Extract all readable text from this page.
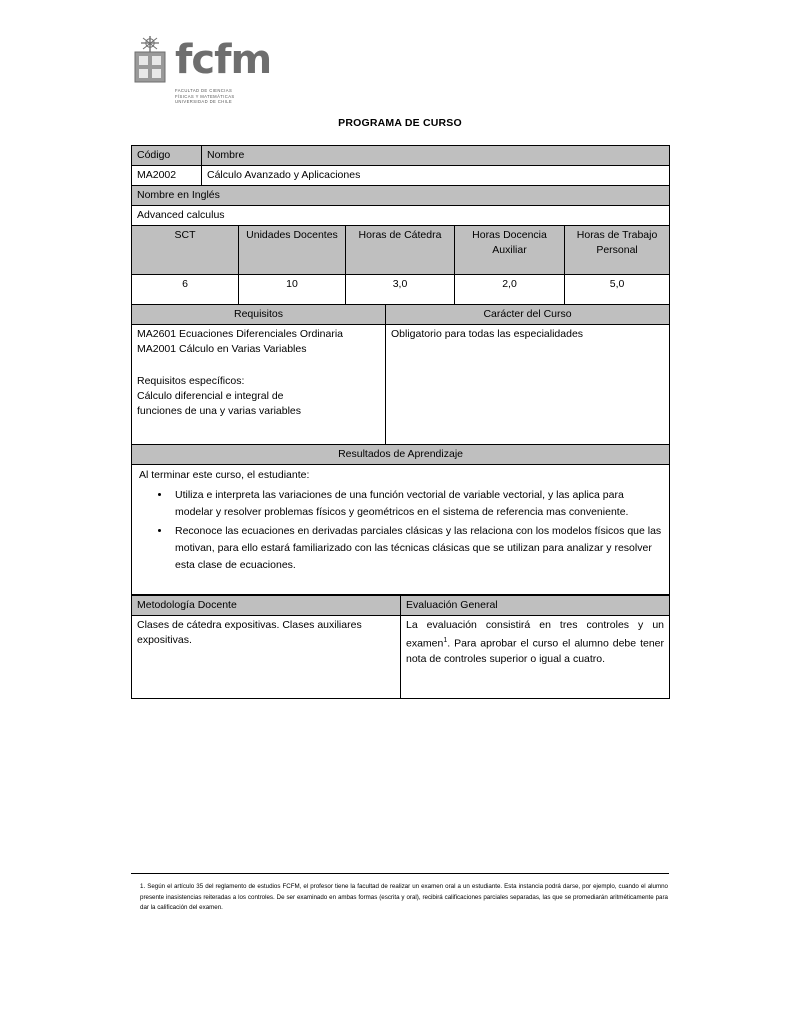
fcfm
FACULTAD DE CIENCIAS
FÍSICAS Y MATEMÁTICAS
UNIVERSIDAD DE CHILE
PROGRAMA DE CURSO
Código	Nombre					
MA2002	Cálculo Avanzado y Aplicaciones					
Nombre en Inglés						
Advanced calculus						
SCT		Unidades Docentes	Horas de Cátedra		Horas Docencia Auxiliar	Horas de Trabajo Personal
6		10	3,0		2,0	5,0
Requisitos				Carácter del Curso		

MA2601 Ecuaciones Diferenciales Ordinaria
MA2001 Cálculo en Varias Variables

Requisitos específicos:
Cálculo diferencial e integral de
funciones de una y varias variables				Obligatorio para todas las especialidades		
Resultados de Aprendizaje						

Al terminar este curso, el estudiante:
• Utiliza e interpreta las variaciones de una función vectorial de variable vectorial, y las aplica para modelar y resolver problemas físicos y geométricos en el sistema de referencia mas conveniente.
• Reconoce las ecuaciones en derivadas parciales clásicas y las relaciona con los modelos físicos que las motivan, para ello estará familiarizado con las técnicas clásicas que se utilizan para analizar y resolver esta clase de ecuaciones.
Metodología Docente	Evaluación General
Clases de cátedra expositivas. Clases auxiliares expositivas.	La evaluación consistirá en tres controles y un examen$^1$. Para aprobar el curso el alumno debe tener nota de controles superior o igual a cuatro.
1. Según el artículo 35 del reglamento de estudios FCFM, el profesor tiene la facultad de realizar un examen oral a un estudiante. Esta instancia podrá darse, por ejemplo, cuando el alumno presente inasistencias reiteradas a los controles. De ser examinado en ambas formas (escrita y oral), recibirá calificaciones parciales separadas, las que se promediarán aritméticamente para dar la calificación del examen.
